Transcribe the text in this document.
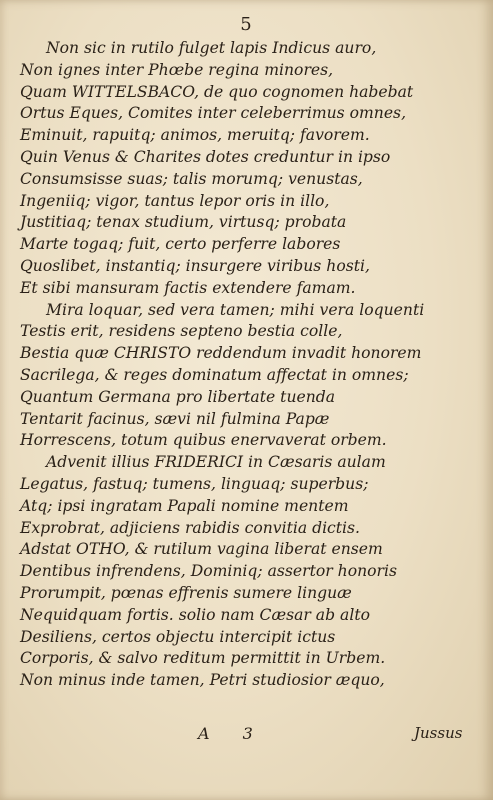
5
Non sic in rutilo fulget lapis Indicus auro,
Non ignes inter Phœbe regina minores,
Quam WITTELSBACO, de quo cognomen habebat
Ortus Eques, Comites inter celeberrimus omnes,
Eminuit, rapuitq; animos, meruitq; favorem.
Quin Venus & Charites dotes creduntur in ipso
Consumsisse suas; talis morumq; venustas,
Ingeniiq; vigor, tantus lepor oris in illo,
Justitiaq; tenax studium, virtusq; probata
Marte togaq; fuit, certo perferre labores
Quoslibet, instantiq; insurgere viribus hosti,
Et sibi mansuram factis extendere famam.
Mira loquar, sed vera tamen; mihi vera loquenti
Testis erit, residens septeno bestia colle,
Bestia quæ CHRISTO reddendum invadit honorem
Sacrilega, & reges dominatum affectat in omnes;
Quantum Germana pro libertate tuenda
Tentarit facinus, sævi nil fulmina Papæ
Horrescens, totum quibus enervaverat orbem.
Advenit illius FRIDERICI in Cæsaris aulam
Legatus, fastuq; tumens, linguaq; superbus;
Atq; ipsi ingratam Papali nomine mentem
Exprobrat, adjiciens rabidis convitia dictis.
Adstat OTHO, & rutilum vagina liberat ensem
Dentibus infrendens, Dominiq; assertor honoris
Prorumpit, pœnas effrenis sumere linguæ
Nequidquam fortis. solio nam Cæsar ab alto
Desiliens, certos objectu intercipit ictus
Corporis, & salvo reditum permittit in Urbem.
Non minus inde tamen, Petri studiosior æquo,
A 3	Jussus
